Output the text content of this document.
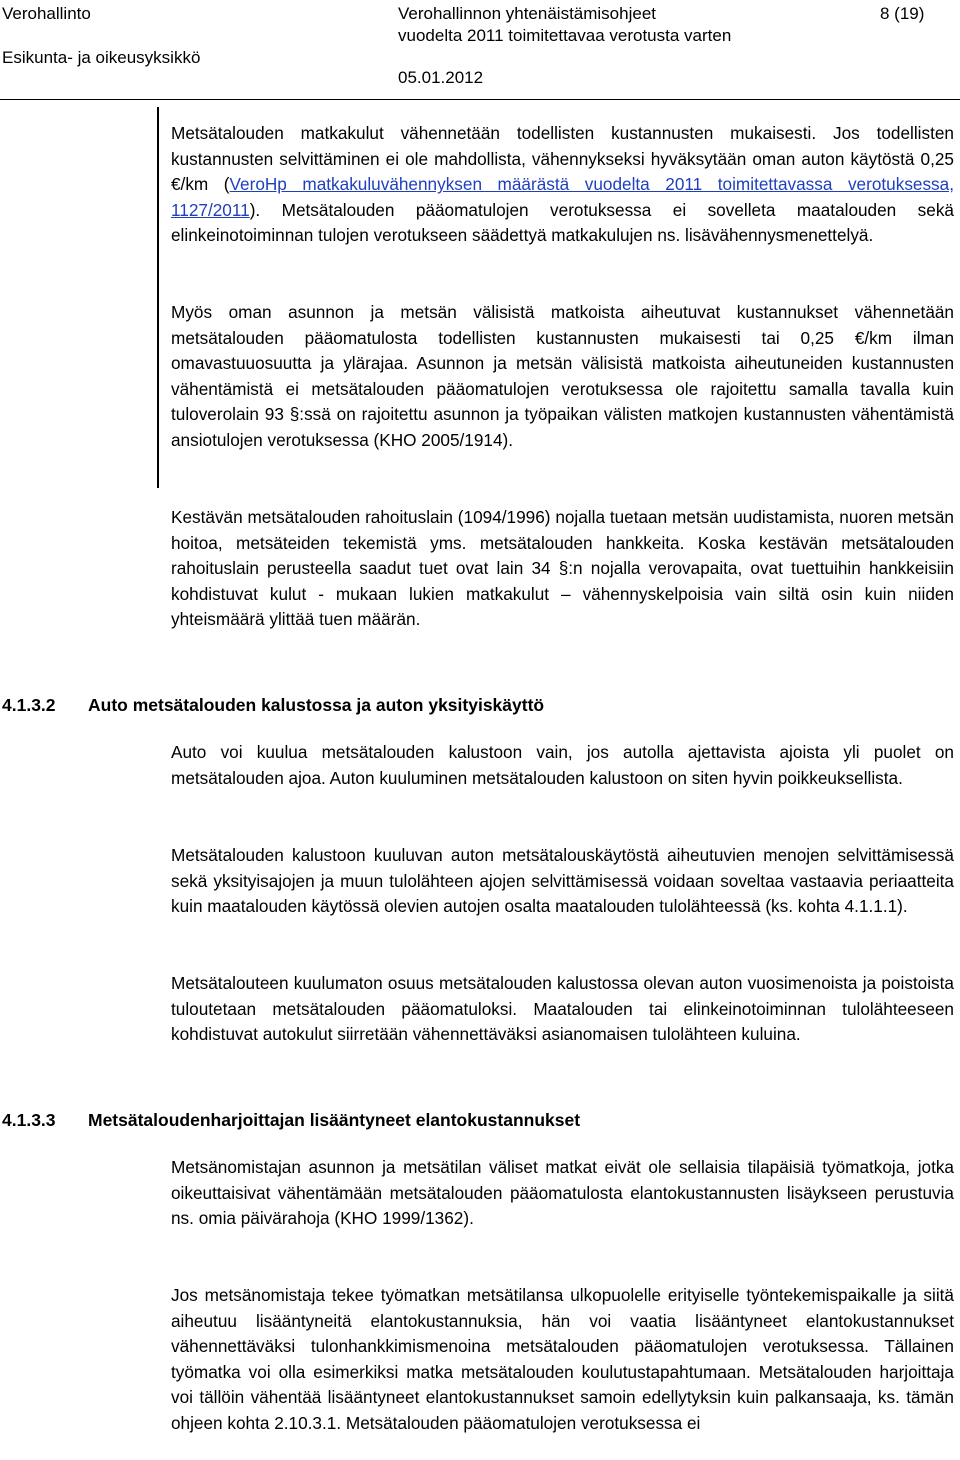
Verohallinto
Esikunta- ja oikeusyksikkö
Verohallinnon yhtenäistämisohjeet
vuodelta 2011 toimitettavaa verotusta varten
05.01.2012
8 (19)

Metsätalouden matkakulut vähennetään todellisten kustannusten mukaisesti. Jos todellisten kustannusten selvittäminen ei ole mahdollista, vähennykseksi hyväksytään oman auton käytöstä 0,25 €/km (VeroHp matkakuluvähennyksen määrästä vuodelta 2011 toimitettavassa verotuksessa, 1127/2011). Metsätalouden pääomatulojen verotuksessa ei sovelleta maatalouden sekä elinkeinotoiminnan tulojen verotukseen säädettyä matkakulujen ns. lisävähennysmenettelyä.

Myös oman asunnon ja metsän välisistä matkoista aiheutuvat kustannukset vähennetään metsätalouden pääomatulosta todellisten kustannusten mukaisesti tai 0,25 €/km ilman omavastuuosuutta ja ylärajaa. Asunnon ja metsän välisistä matkoista aiheutuneiden kustannusten vähentämistä ei metsätalouden pääomatulojen verotuksessa ole rajoitettu samalla tavalla kuin tuloverolain 93 §:ssä on rajoitettu asunnon ja työpaikan välisten matkojen kustannusten vähentämistä ansiotulojen verotuksessa (KHO 2005/1914).

Kestävän metsätalouden rahoituslain (1094/1996) nojalla tuetaan metsän uudistamista, nuoren metsän hoitoa, metsäteiden tekemistä yms. metsätalouden hankkeita. Koska kestävän metsätalouden rahoituslain perusteella saadut tuet ovat lain 34 §:n nojalla verovapaita, ovat tuettuihin hankkeisiin kohdistuvat kulut - mukaan lukien matkakulut – vähennyskelpoisia vain siltä osin kuin niiden yhteismäärä ylittää tuen määrän.

4.1.3.2 Auto metsätalouden kalustossa ja auton yksityiskäyttö

Auto voi kuulua metsätalouden kalustoon vain, jos autolla ajettavista ajoista yli puolet on metsätalouden ajoa. Auton kuuluminen metsätalouden kalustoon on siten hyvin poikkeuksellista.

Metsätalouden kalustoon kuuluvan auton metsätalouskäytöstä aiheutuvien menojen selvittämisessä sekä yksityisajojen ja muun tulolähteen ajojen selvittämisessä voidaan soveltaa vastaavia periaatteita kuin maatalouden käytössä olevien autojen osalta maatalouden tulolähteessä (ks. kohta 4.1.1.1).

Metsätalouteen kuulumaton osuus metsätalouden kalustossa olevan auton vuosimenoista ja poistoista tuloutetaan metsätalouden pääomatuloksi. Maatalouden tai elinkeinotoiminnan tulolähteeseen kohdistuvat autokulut siirretään vähennettäväksi asianomaisen tulolähteen kuluina.

4.1.3.3 Metsätaloudenharjoittajan lisääntyneet elantokustannukset

Metsänomistajan asunnon ja metsätilan väliset matkat eivät ole sellaisia tilapäisiä työmatkoja, jotka oikeuttaisivat vähentämään metsätalouden pääomatulosta elantokustannusten lisäykseen perustuvia ns. omia päivärahoja (KHO 1999/1362).

Jos metsänomistaja tekee työmatkan metsätilansa ulkopuolelle erityiselle työntekemispaikalle ja siitä aiheutuu lisääntyneitä elantokustannuksia, hän voi vaatia lisääntyneet elantokustannukset vähennettäväksi tulonhankkimismenoina metsätalouden pääomatulojen verotuksessa. Tällainen työmatka voi olla esimerkiksi matka metsätalouden koulutustapahtumaan. Metsätalouden harjoittaja voi tällöin vähentää lisääntyneet elantokustannukset samoin edellytyksin kuin palkansaaja, ks. tämän ohjeen kohta 2.10.3.1. Metsätalouden pääomatulojen verotuksessa ei
